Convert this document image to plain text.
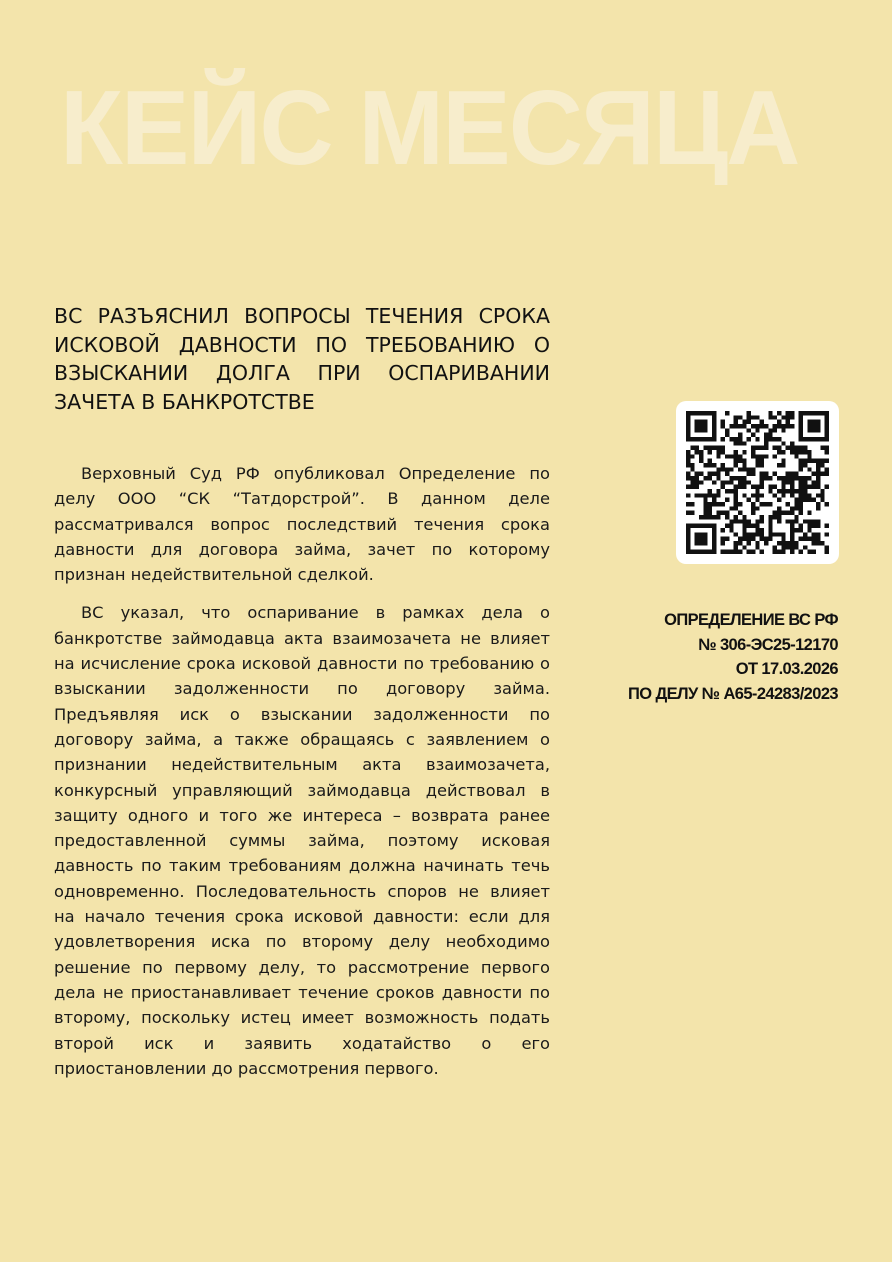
КЕЙС МЕСЯЦА
ВС РАЗЪЯСНИЛ ВОПРОСЫ ТЕЧЕНИЯ СРОКА ИСКОВОЙ ДАВНОСТИ ПО ТРЕБОВАНИЮ О ВЗЫСКАНИИ ДОЛГА ПРИ ОСПАРИВАНИИ ЗАЧЕТА В БАНКРОТСТВЕ

Верховный Суд РФ опубликовал Определение по делу ООО “СК “Татдорстрой”. В данном деле рассматривался вопрос последствий течения срока давности для договора займа, зачет по которому признан недействительной сделкой.

ВС указал, что оспаривание в рамках дела о банкротстве займодавца акта взаимозачета не влияет на исчисление срока исковой давности по требованию о взыскании задолженности по договору займа. Предъявляя иск о взыскании задолженности по договору займа, а также обращаясь с заявлением о признании недействительным акта взаимозачета, конкурсный управляющий займодавца действовал в защиту одного и того же интереса – возврата ранее предоставленной суммы займа, поэтому исковая давность по таким требованиям должна начинать течь одновременно. Последовательность споров не влияет на начало течения срока исковой давности: если для удовлетворения иска по второму делу необходимо решение по первому делу, то рассмотрение первого дела не приостанавливает течение сроков давности по второму, поскольку истец имеет возможность подать второй иск и заявить ходатайство о его приостановлении до рассмотрения первого.

ОПРЕДЕЛЕНИЕ ВС РФ
№ 306-ЭС25-12170
ОТ 17.03.2026
ПО ДЕЛУ № А65-24283/2023
